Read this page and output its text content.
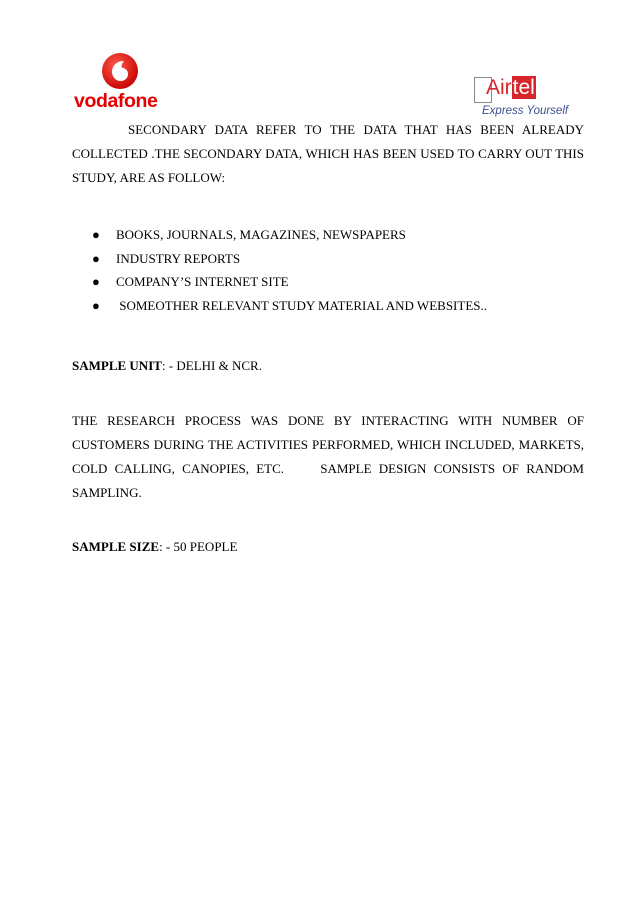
vodafone
Airtel
Express Yourself
SECONDARY DATA REFER TO THE DATA THAT HAS BEEN ALREADY
COLLECTED .THE SECONDARY DATA, WHICH HAS BEEN USED TO CARRY OUT THIS
STUDY, ARE AS FOLLOW:
● BOOKS, JOURNALS, MAGAZINES, NEWSPAPERS
● INDUSTRY REPORTS
● COMPANY’S INTERNET SITE
● SOMEOTHER RELEVANT STUDY MATERIAL AND WEBSITES..
SAMPLE UNIT: - DELHI & NCR.
THE RESEARCH PROCESS WAS DONE BY INTERACTING WITH NUMBER OF
CUSTOMERS DURING THE ACTIVITIES PERFORMED, WHICH INCLUDED, MARKETS,
COLD CALLING, CANOPIES, ETC.     SAMPLE DESIGN CONSISTS OF RANDOM
SAMPLING.
SAMPLE SIZE: - 50 PEOPLE
